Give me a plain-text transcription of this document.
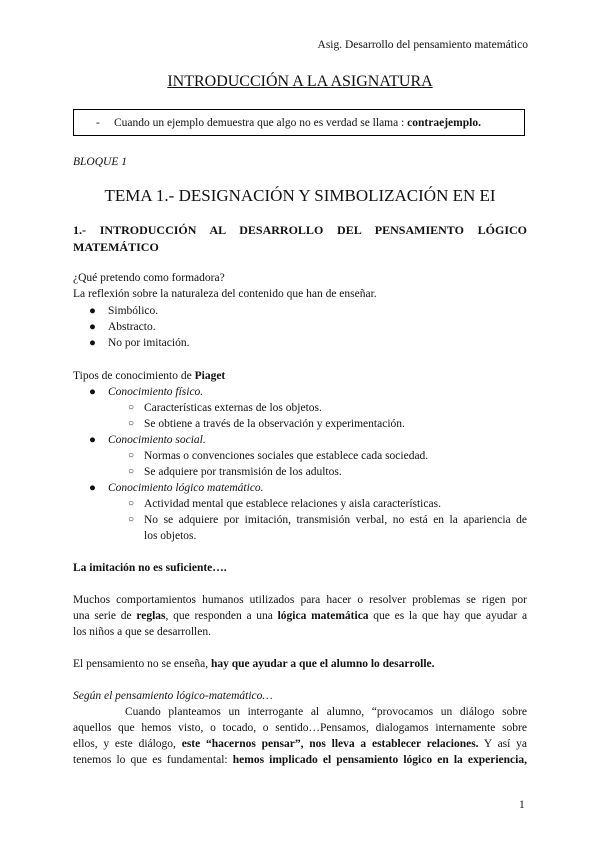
Asig. Desarrollo del pensamiento matemático
INTRODUCCIÓN A LA ASIGNATURA
- Cuando un ejemplo demuestra que algo no es verdad se llama : contraejemplo.
BLOQUE 1
TEMA 1.- DESIGNACIÓN Y SIMBOLIZACIÓN EN EI
1.- INTRODUCCIÓN AL DESARROLLO DEL PENSAMIENTO LÓGICO
MATEMÁTICO
¿Qué pretendo como formadora?
La reflexión sobre la naturaleza del contenido que han de enseñar.
● Simbólico.
● Abstracto.
● No por imitación.
Tipos de conocimiento de Piaget
● Conocimiento físico.
○ Características externas de los objetos.
○ Se obtiene a través de la observación y experimentación.
● Conocimiento social.
○ Normas o convenciones sociales que establece cada sociedad.
○ Se adquiere por transmisión de los adultos.
● Conocimiento lógico matemático.
○ Actividad mental que establece relaciones y aisla características.
○ No se adquiere por imitación, transmisión verbal, no está en la apariencia de
los objetos.
La imitación no es suficiente….
Muchos comportamientos humanos utilizados para hacer o resolver problemas se rigen por
una serie de reglas, que responden a una lógica matemática que es la que hay que ayudar a
los niños a que se desarrollen.
El pensamiento no se enseña, hay que ayudar a que el alumno lo desarrolle.
Según el pensamiento lógico-matemático…
Cuando planteamos un interrogante al alumno, “provocamos un diálogo sobre
aquellos que hemos visto, o tocado, o sentido…Pensamos, dialogamos internamente sobre
ellos, y este diálogo, este “hacernos pensar”, nos lleva a establecer relaciones. Y así ya
tenemos lo que es fundamental: hemos implicado el pensamiento lógico en la experiencia,
1
